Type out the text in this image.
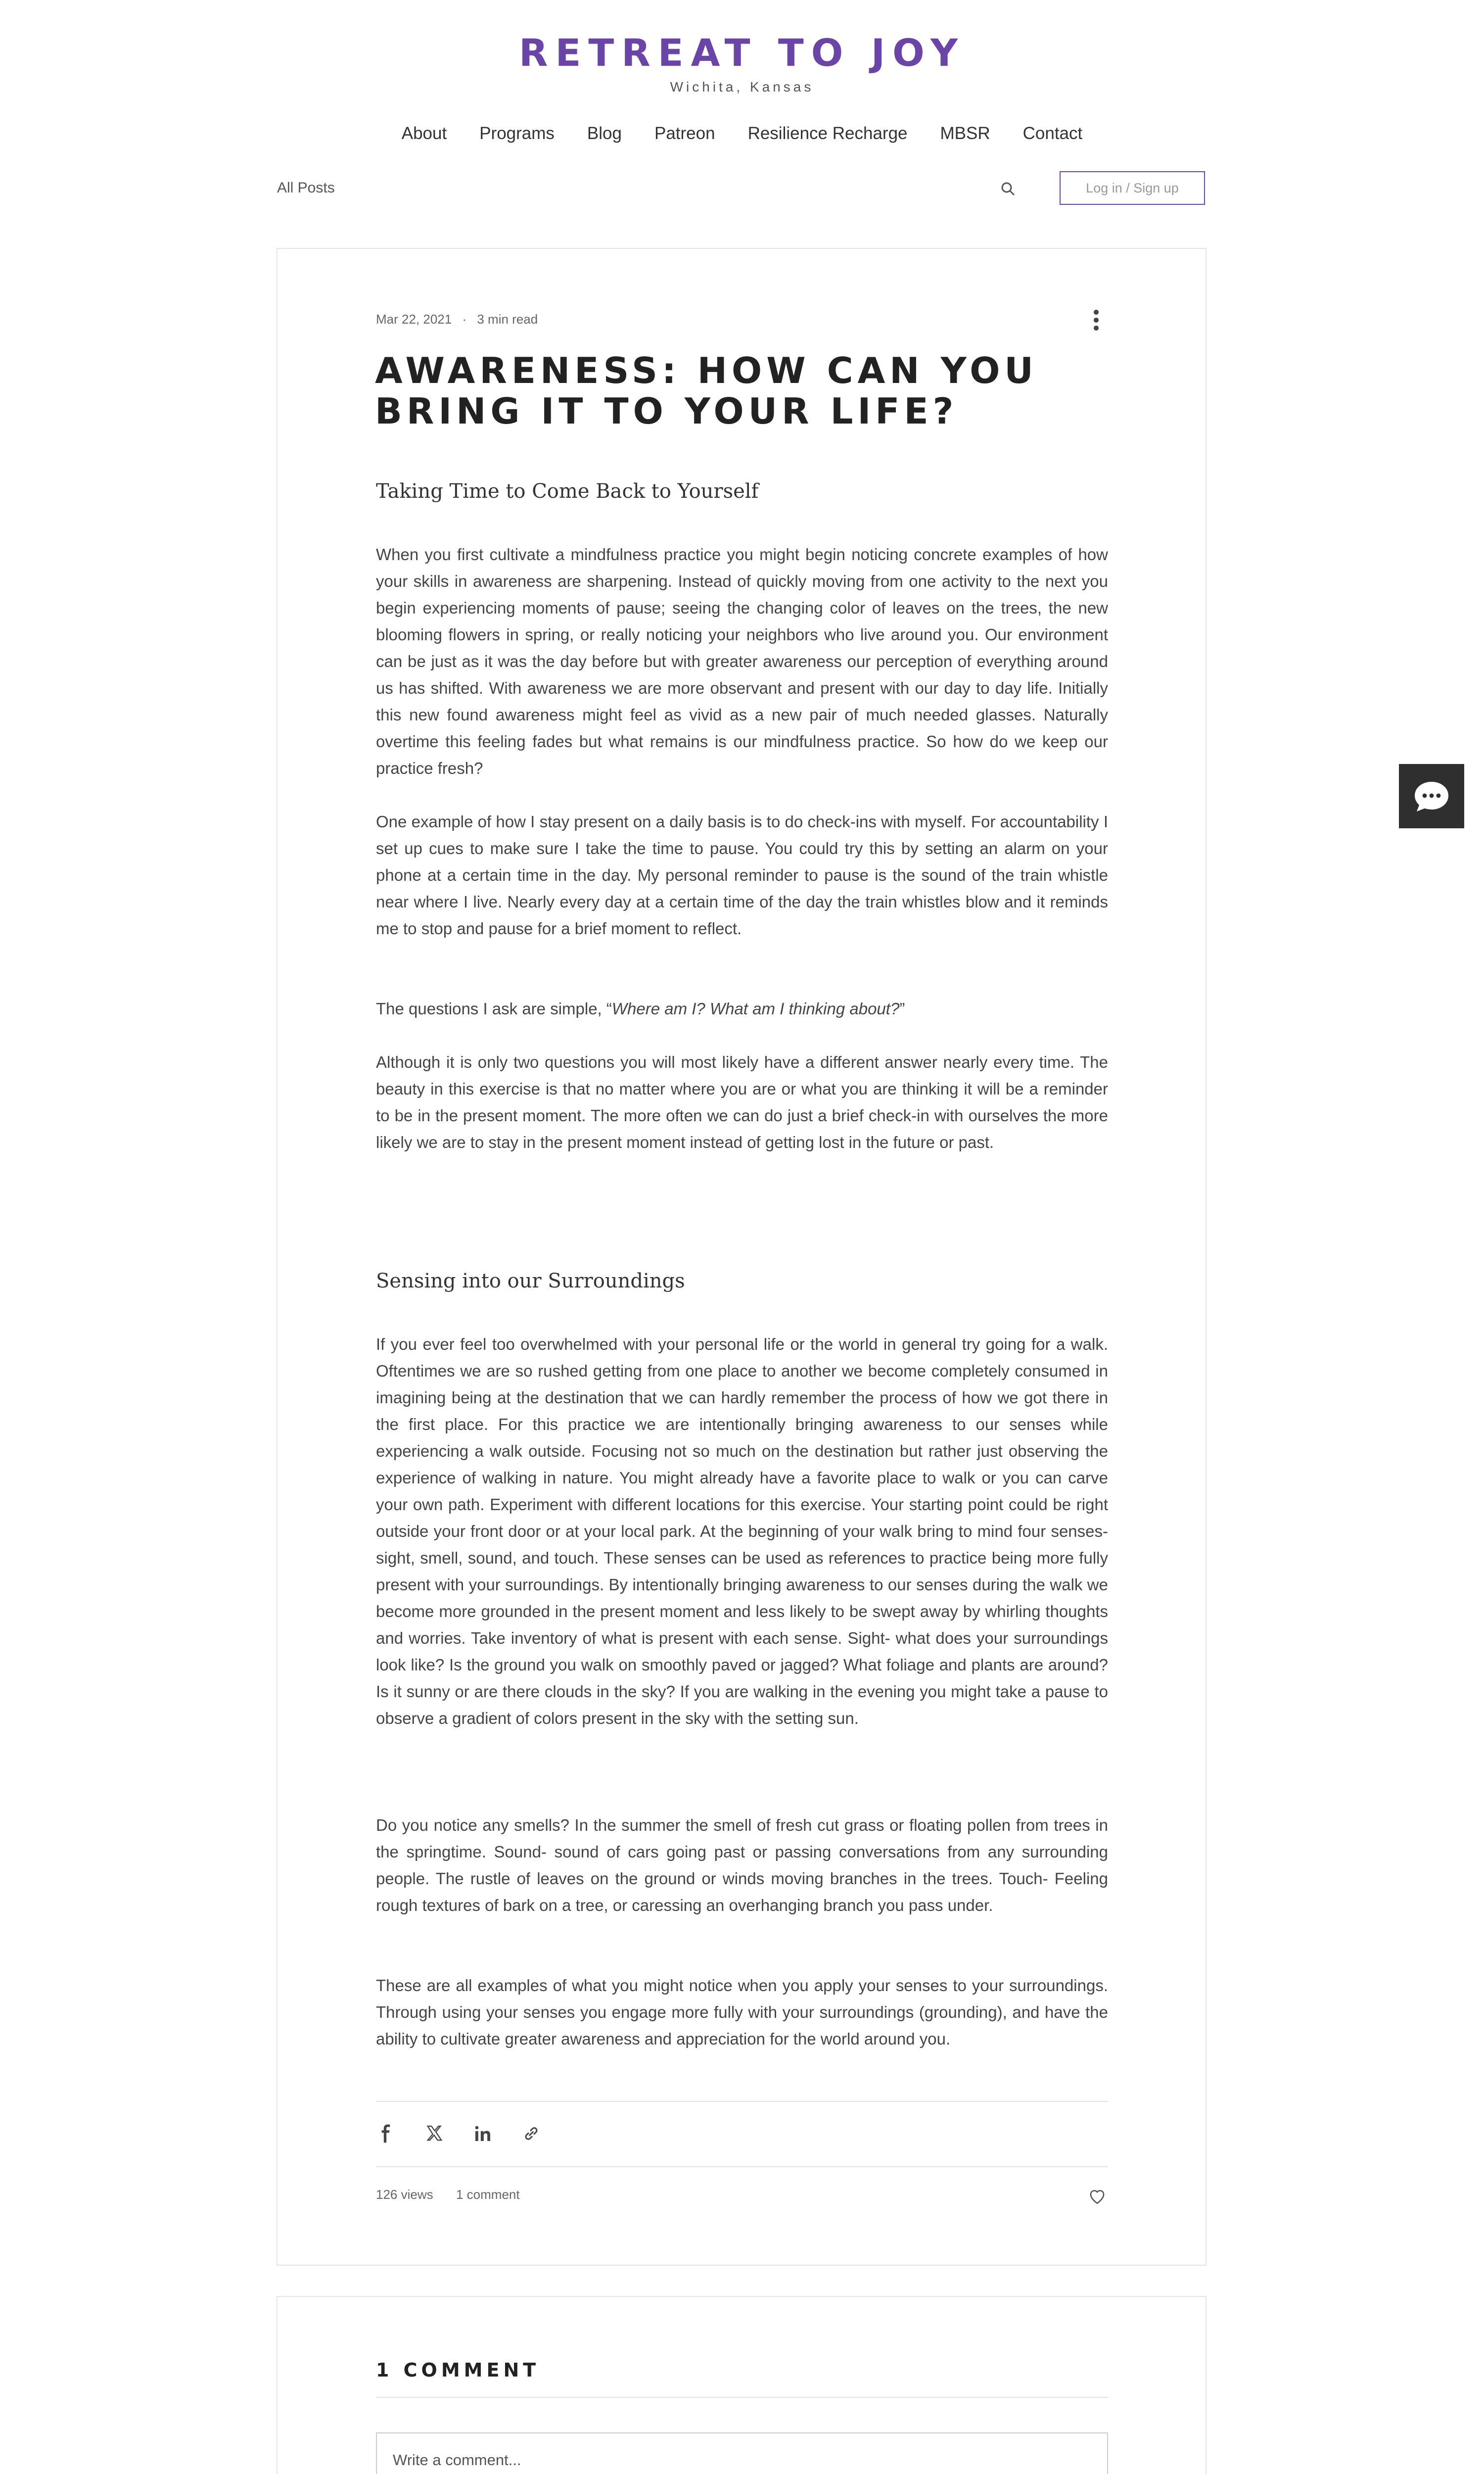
RETREAT TO JOY
Wichita, Kansas
About Programs Blog Patreon Resilience Recharge MBSR Contact
All Posts	Log in / Sign up
Mar 22, 2021 · 3 min read
AWARENESS: HOW CAN YOU BRING IT TO YOUR LIFE?
Taking Time to Come Back to Yourself
When you first cultivate a mindfulness practice you might begin noticing concrete examples of how your skills in awareness are sharpening. Instead of quickly moving from one activity to the next you begin experiencing moments of pause; seeing the changing color of leaves on the trees, the new blooming flowers in spring, or really noticing your neighbors who live around you. Our environment can be just as it was the day before but with greater awareness our perception of everything around us has shifted. With awareness we are more observant and present with our day to day life. Initially this new found awareness might feel as vivid as a new pair of much needed glasses. Naturally overtime this feeling fades but what remains is our mindfulness practice. So how do we keep our practice fresh?
One example of how I stay present on a daily basis is to do check-ins with myself. For accountability I set up cues to make sure I take the time to pause. You could try this by setting an alarm on your phone at a certain time in the day. My personal reminder to pause is the sound of the train whistle near where I live. Nearly every day at a certain time of the day the train whistles blow and it reminds me to stop and pause for a brief moment to reflect.
The questions I ask are simple, “Where am I? What am I thinking about?”
Although it is only two questions you will most likely have a different answer nearly every time. The beauty in this exercise is that no matter where you are or what you are thinking it will be a reminder to be in the present moment. The more often we can do just a brief check-in with ourselves the more likely we are to stay in the present moment instead of getting lost in the future or past.
Sensing into our Surroundings
If you ever feel too overwhelmed with your personal life or the world in general try going for a walk. Oftentimes we are so rushed getting from one place to another we become completely consumed in imagining being at the destination that we can hardly remember the process of how we got there in the first place. For this practice we are intentionally bringing awareness to our senses while experiencing a walk outside. Focusing not so much on the destination but rather just observing the experience of walking in nature. You might already have a favorite place to walk or you can carve your own path. Experiment with different locations for this exercise. Your starting point could be right outside your front door or at your local park. At the beginning of your walk bring to mind four senses- sight, smell, sound, and touch. These senses can be used as references to practice being more fully present with your surroundings. By intentionally bringing awareness to our senses during the walk we become more grounded in the present moment and less likely to be swept away by whirling thoughts and worries. Take inventory of what is present with each sense. Sight- what does your surroundings look like? Is the ground you walk on smoothly paved or jagged? What foliage and plants are around? Is it sunny or are there clouds in the sky? If you are walking in the evening you might take a pause to observe a gradient of colors present in the sky with the setting sun.
Do you notice any smells? In the summer the smell of fresh cut grass or floating pollen from trees in the springtime. Sound- sound of cars going past or passing conversations from any surrounding people. The rustle of leaves on the ground or winds moving branches in the trees. Touch- Feeling rough textures of bark on a tree, or caressing an overhanging branch you pass under.
These are all examples of what you might notice when you apply your senses to your surroundings. Through using your senses you engage more fully with your surroundings (grounding), and have the ability to cultivate greater awareness and appreciation for the world around you.
126 views 1 comment
1 COMMENT
Write a comment...
